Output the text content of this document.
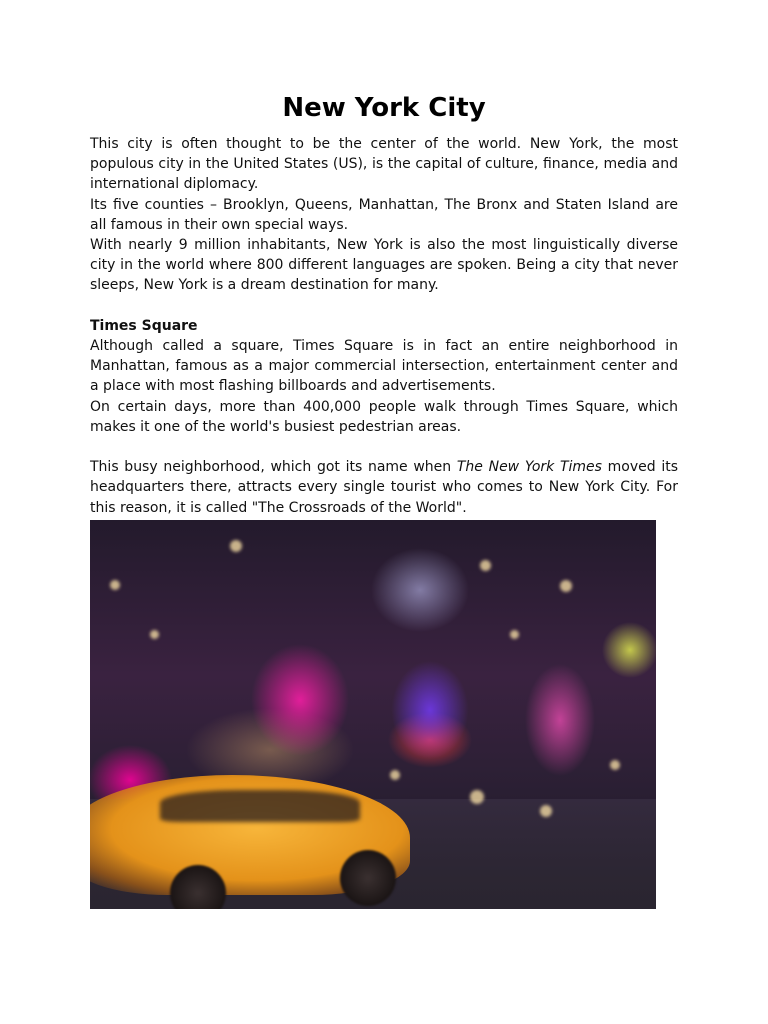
New York City

This city is often thought to be the center of the world. New York, the most populous city in the United States (US), is the capital of culture, finance, media and international diplomacy.

Its five counties – Brooklyn, Queens, Manhattan, The Bronx and Staten Island are all famous in their own special ways.

With nearly 9 million inhabitants, New York is also the most linguistically diverse city in the world where 800 different languages are spoken. Being a city that never sleeps, New York is a dream destination for many.

Times Square

Although called a square, Times Square is in fact an entire neighborhood in Manhattan, famous as a major commercial intersection, entertainment center and a place with most flashing billboards and advertisements.

On certain days, more than 400,000 people walk through Times Square, which makes it one of the world's busiest pedestrian areas.

This busy neighborhood, which got its name when The New York Times moved its headquarters there, attracts every single tourist who comes to New York City. For this reason, it is called "The Crossroads of the World".
